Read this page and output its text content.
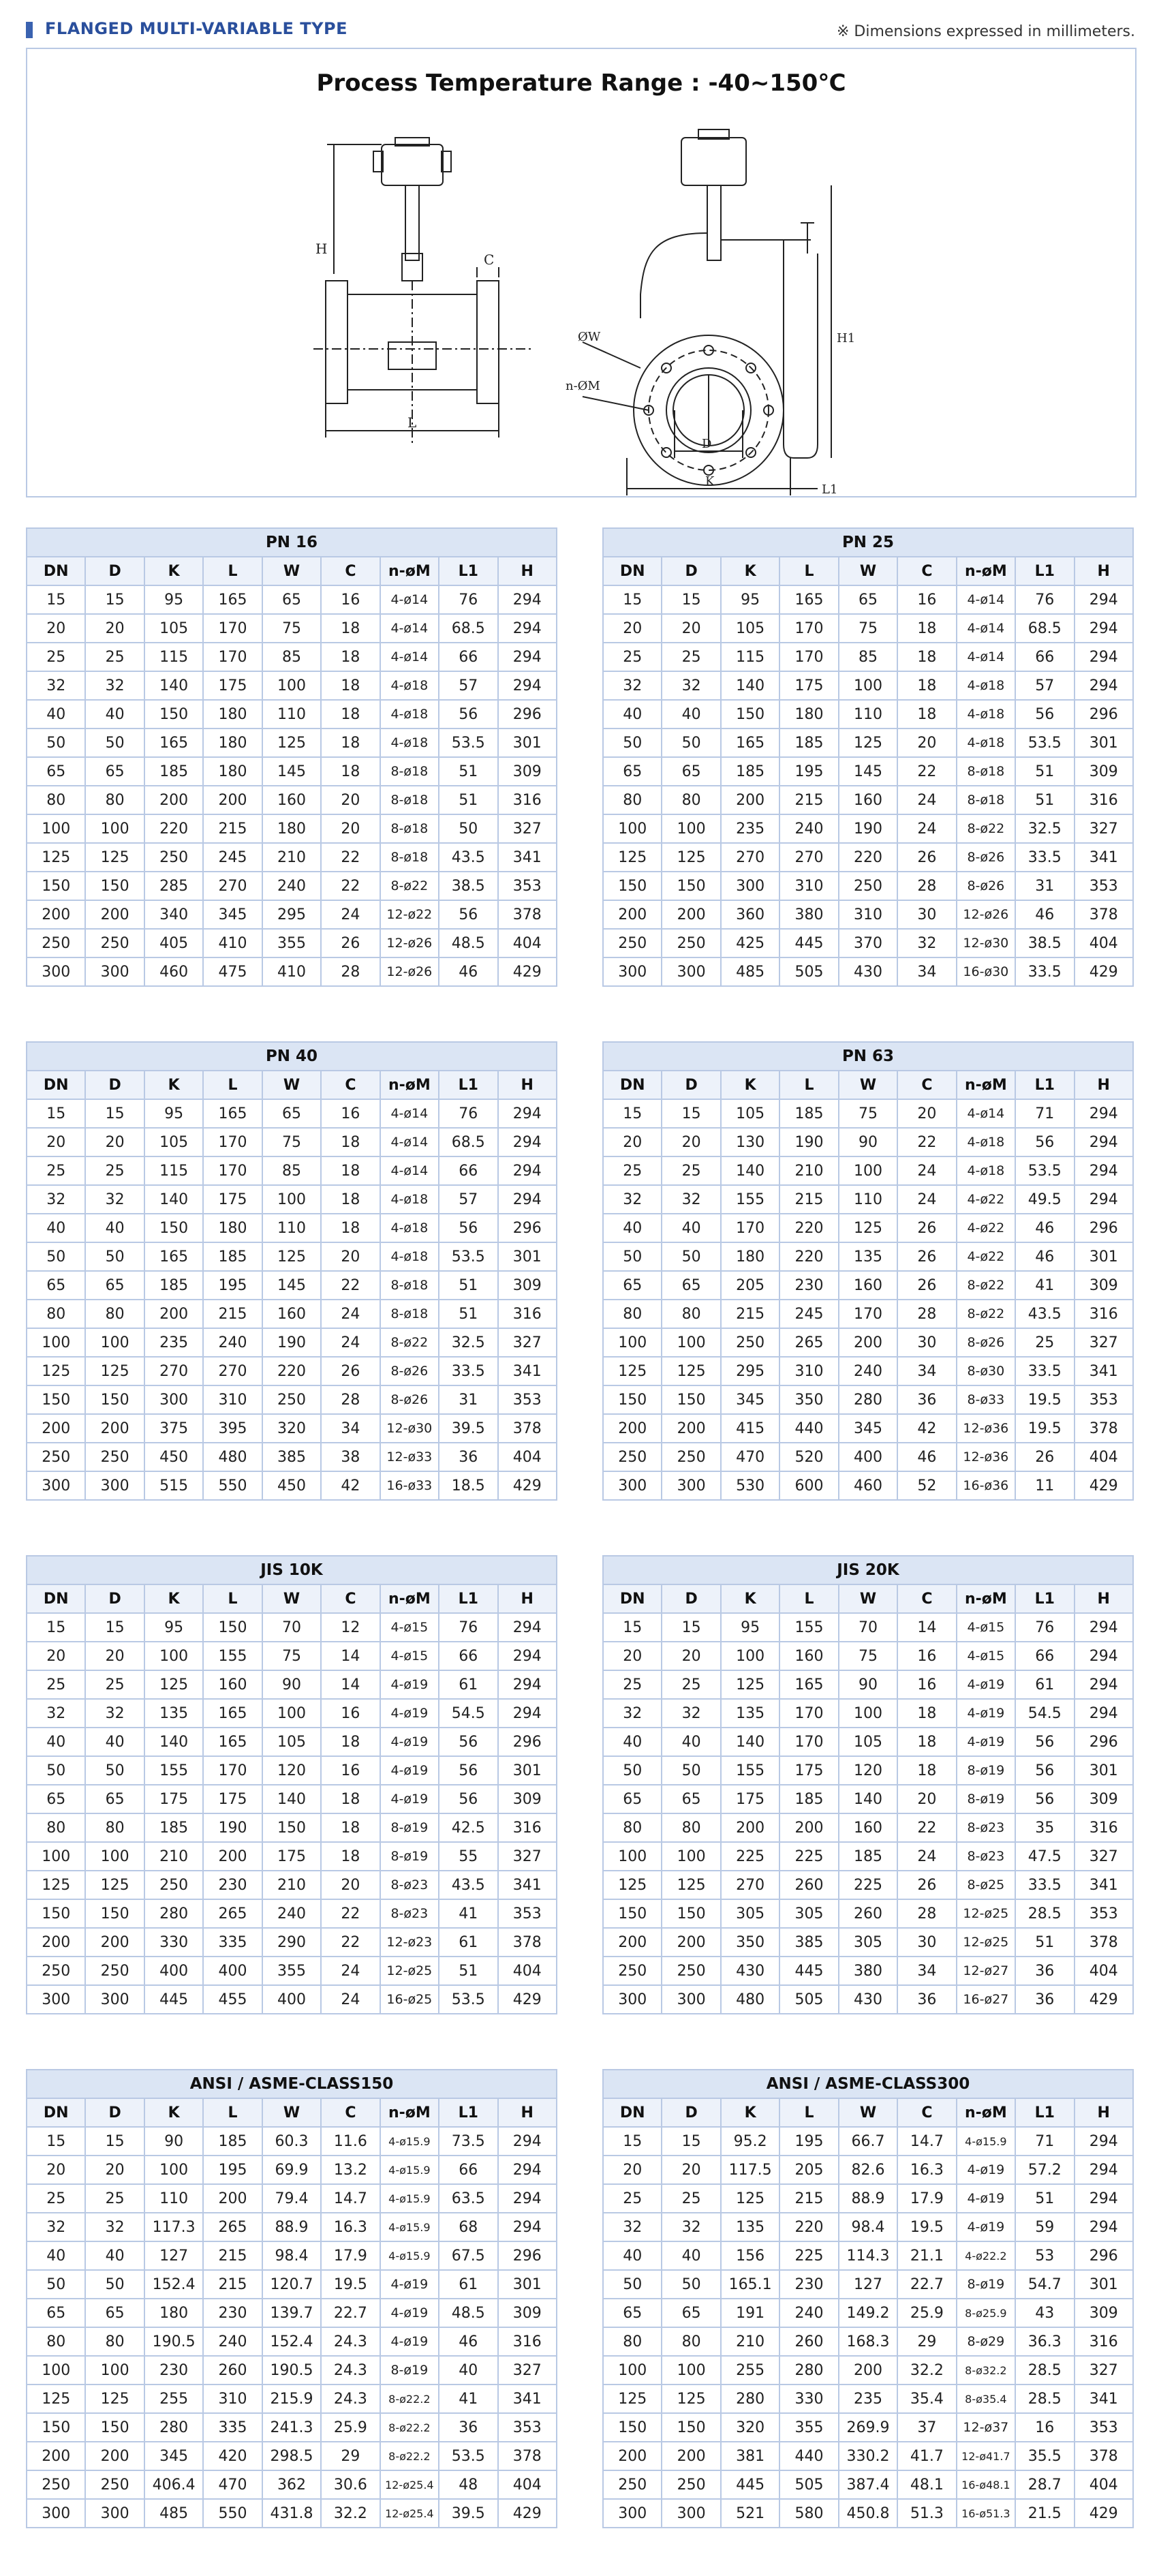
FLANGED MULTI-VARIABLE TYPE	※ Dimensions expressed in millimeters.
Process Temperature Range : -40~150℃
H
C
L
ØW
n-ØM
D
K
H1
L1
PN 16								
DN	D	K	L	W	C	n-øM	L1	H
15	15	95	165	65	16	4-ø14	76	294
20	20	105	170	75	18	4-ø14	68.5	294
25	25	115	170	85	18	4-ø14	66	294
32	32	140	175	100	18	4-ø18	57	294
40	40	150	180	110	18	4-ø18	56	296
50	50	165	180	125	18	4-ø18	53.5	301
65	65	185	180	145	18	8-ø18	51	309
80	80	200	200	160	20	8-ø18	51	316
100	100	220	215	180	20	8-ø18	50	327
125	125	250	245	210	22	8-ø18	43.5	341
150	150	285	270	240	22	8-ø22	38.5	353
200	200	340	345	295	24	12-ø22	56	378
250	250	405	410	355	26	12-ø26	48.5	404
300	300	460	475	410	28	12-ø26	46	429
PN 25								
DN	D	K	L	W	C	n-øM	L1	H
15	15	95	165	65	16	4-ø14	76	294
20	20	105	170	75	18	4-ø14	68.5	294
25	25	115	170	85	18	4-ø14	66	294
32	32	140	175	100	18	4-ø18	57	294
40	40	150	180	110	18	4-ø18	56	296
50	50	165	185	125	20	4-ø18	53.5	301
65	65	185	195	145	22	8-ø18	51	309
80	80	200	215	160	24	8-ø18	51	316
100	100	235	240	190	24	8-ø22	32.5	327
125	125	270	270	220	26	8-ø26	33.5	341
150	150	300	310	250	28	8-ø26	31	353
200	200	360	380	310	30	12-ø26	46	378
250	250	425	445	370	32	12-ø30	38.5	404
300	300	485	505	430	34	16-ø30	33.5	429
PN 40								
DN	D	K	L	W	C	n-øM	L1	H
15	15	95	165	65	16	4-ø14	76	294
20	20	105	170	75	18	4-ø14	68.5	294
25	25	115	170	85	18	4-ø14	66	294
32	32	140	175	100	18	4-ø18	57	294
40	40	150	180	110	18	4-ø18	56	296
50	50	165	185	125	20	4-ø18	53.5	301
65	65	185	195	145	22	8-ø18	51	309
80	80	200	215	160	24	8-ø18	51	316
100	100	235	240	190	24	8-ø22	32.5	327
125	125	270	270	220	26	8-ø26	33.5	341
150	150	300	310	250	28	8-ø26	31	353
200	200	375	395	320	34	12-ø30	39.5	378
250	250	450	480	385	38	12-ø33	36	404
300	300	515	550	450	42	16-ø33	18.5	429
PN 63								
DN	D	K	L	W	C	n-øM	L1	H
15	15	105	185	75	20	4-ø14	71	294
20	20	130	190	90	22	4-ø18	56	294
25	25	140	210	100	24	4-ø18	53.5	294
32	32	155	215	110	24	4-ø22	49.5	294
40	40	170	220	125	26	4-ø22	46	296
50	50	180	220	135	26	4-ø22	46	301
65	65	205	230	160	26	8-ø22	41	309
80	80	215	245	170	28	8-ø22	43.5	316
100	100	250	265	200	30	8-ø26	25	327
125	125	295	310	240	34	8-ø30	33.5	341
150	150	345	350	280	36	8-ø33	19.5	353
200	200	415	440	345	42	12-ø36	19.5	378
250	250	470	520	400	46	12-ø36	26	404
300	300	530	600	460	52	16-ø36	11	429
JIS 10K								
DN	D	K	L	W	C	n-øM	L1	H
15	15	95	150	70	12	4-ø15	76	294
20	20	100	155	75	14	4-ø15	66	294
25	25	125	160	90	14	4-ø19	61	294
32	32	135	165	100	16	4-ø19	54.5	294
40	40	140	165	105	18	4-ø19	56	296
50	50	155	170	120	16	4-ø19	56	301
65	65	175	175	140	18	4-ø19	56	309
80	80	185	190	150	18	8-ø19	42.5	316
100	100	210	200	175	18	8-ø19	55	327
125	125	250	230	210	20	8-ø23	43.5	341
150	150	280	265	240	22	8-ø23	41	353
200	200	330	335	290	22	12-ø23	61	378
250	250	400	400	355	24	12-ø25	51	404
300	300	445	455	400	24	16-ø25	53.5	429
JIS 20K								
DN	D	K	L	W	C	n-øM	L1	H
15	15	95	155	70	14	4-ø15	76	294
20	20	100	160	75	16	4-ø15	66	294
25	25	125	165	90	16	4-ø19	61	294
32	32	135	170	100	18	4-ø19	54.5	294
40	40	140	170	105	18	4-ø19	56	296
50	50	155	175	120	18	8-ø19	56	301
65	65	175	185	140	20	8-ø19	56	309
80	80	200	200	160	22	8-ø23	35	316
100	100	225	225	185	24	8-ø23	47.5	327
125	125	270	260	225	26	8-ø25	33.5	341
150	150	305	305	260	28	12-ø25	28.5	353
200	200	350	385	305	30	12-ø25	51	378
250	250	430	445	380	34	12-ø27	36	404
300	300	480	505	430	36	16-ø27	36	429
ANSI / ASME-CLASS150								
DN	D	K	L	W	C	n-øM	L1	H
15	15	90	185	60.3	11.6	4-ø15.9	73.5	294
20	20	100	195	69.9	13.2	4-ø15.9	66	294
25	25	110	200	79.4	14.7	4-ø15.9	63.5	294
32	32	117.3	265	88.9	16.3	4-ø15.9	68	294
40	40	127	215	98.4	17.9	4-ø15.9	67.5	296
50	50	152.4	215	120.7	19.5	4-ø19	61	301
65	65	180	230	139.7	22.7	4-ø19	48.5	309
80	80	190.5	240	152.4	24.3	4-ø19	46	316
100	100	230	260	190.5	24.3	8-ø19	40	327
125	125	255	310	215.9	24.3	8-ø22.2	41	341
150	150	280	335	241.3	25.9	8-ø22.2	36	353
200	200	345	420	298.5	29	8-ø22.2	53.5	378
250	250	406.4	470	362	30.6	12-ø25.4	48	404
300	300	485	550	431.8	32.2	12-ø25.4	39.5	429
ANSI / ASME-CLASS300								
DN	D	K	L	W	C	n-øM	L1	H
15	15	95.2	195	66.7	14.7	4-ø15.9	71	294
20	20	117.5	205	82.6	16.3	4-ø19	57.2	294
25	25	125	215	88.9	17.9	4-ø19	51	294
32	32	135	220	98.4	19.5	4-ø19	59	294
40	40	156	225	114.3	21.1	4-ø22.2	53	296
50	50	165.1	230	127	22.7	8-ø19	54.7	301
65	65	191	240	149.2	25.9	8-ø25.9	43	309
80	80	210	260	168.3	29	8-ø29	36.3	316
100	100	255	280	200	32.2	8-ø32.2	28.5	327
125	125	280	330	235	35.4	8-ø35.4	28.5	341
150	150	320	355	269.9	37	12-ø37	16	353
200	200	381	440	330.2	41.7	12-ø41.7	35.5	378
250	250	445	505	387.4	48.1	16-ø48.1	28.7	404
300	300	521	580	450.8	51.3	16-ø51.3	21.5	429
